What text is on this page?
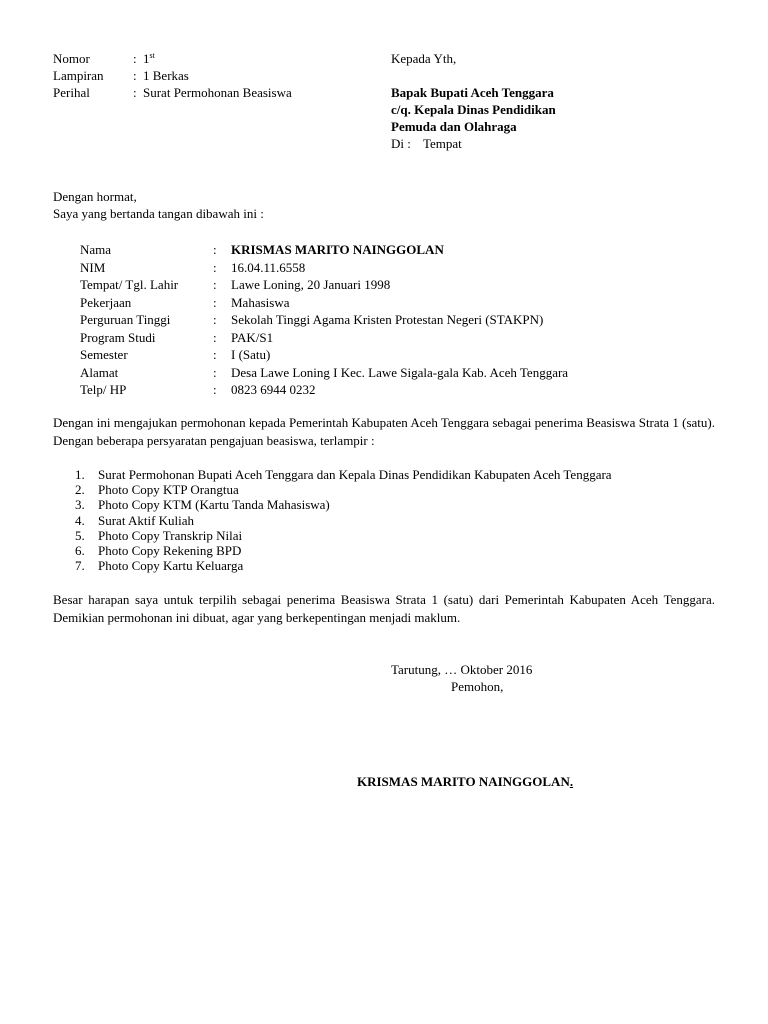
Nomor	: 1st
Lampiran : 1 Berkas
Perihal	: Surat Permohonan Beasiswa
Kepada Yth,
Bapak Bupati Aceh Tenggara
c/q. Kepala Dinas Pendidikan
Pemuda dan Olahraga
Di : Tempat
Dengan hormat,
Saya yang bertanda tangan dibawah ini :
Nama	: KRISMAS MARITO NAINGGOLAN
NIM	: 16.04.11.6558
Tempat/ Tgl. Lahir	: Lawe Loning, 20 Januari 1998
Pekerjaan	: Mahasiswa
Perguruan Tinggi	: Sekolah Tinggi Agama Kristen Protestan Negeri (STAKPN)
Program Studi	: PAK/S1
Semester	: I (Satu)
Alamat	: Desa Lawe Loning I Kec. Lawe Sigala-gala Kab. Aceh Tenggara
Telp/ HP	: 0823 6944 0232
Dengan ini mengajukan permohonan kepada Pemerintah Kabupaten Aceh Tenggara sebagai penerima Beasiswa Strata 1 (satu). Dengan beberapa persyaratan pengajuan beasiswa, terlampir :
1. Surat Permohonan Bupati Aceh Tenggara dan Kepala Dinas Pendidikan Kabupaten Aceh Tenggara
2. Photo Copy KTP Orangtua
3. Photo Copy KTM (Kartu Tanda Mahasiswa)
4. Surat Aktif Kuliah
5. Photo Copy Transkrip Nilai
6. Photo Copy Rekening BPD
7. Photo Copy Kartu Keluarga
Besar harapan saya untuk terpilih sebagai penerima Beasiswa Strata 1 (satu) dari Pemerintah Kabupaten Aceh Tenggara. Demikian permohonan ini dibuat, agar yang berkepentingan menjadi maklum.
Tarutung, … Oktober 2016
Pemohon,
KRISMAS MARITO NAINGGOLAN.
